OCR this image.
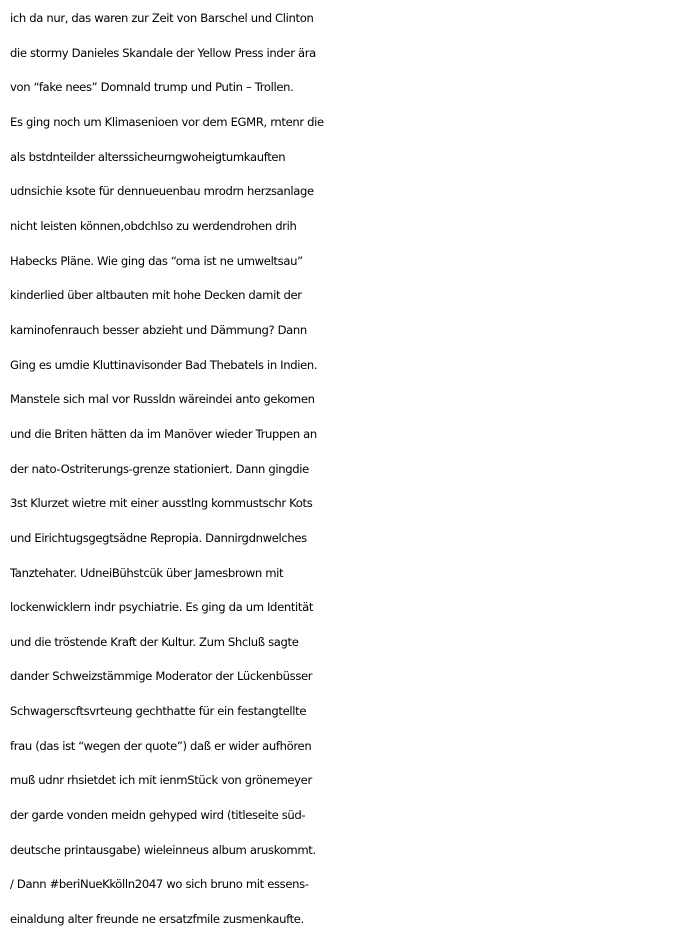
ich da nur, das waren zur Zeit von Barschel und Clinton
die stormy Danieles Skandale der Yellow Press inder ära
von “fake nees” Domnald trump und Putin – Trollen.
Es ging noch um Klimasenioen vor dem EGMR, rntenr die
als bstdnteilder alterssicheurngwoheigtumkauften
udnsichie ksote für dennueuenbau mrodrn herzsanlage
nicht leisten können,obdchlso zu werdendrohen drih
Habecks Pläne. Wie ging das “oma ist ne umweltsau”
kinderlied über altbauten mit hohe Decken damit der
kaminofenrauch besser abzieht und Dämmung? Dann
Ging es umdie Kluttinavisonder Bad Thebatels in Indien.
Manstele sich mal vor Russldn wäreindei anto gekomen
und die Briten hätten da im Manöver wieder Truppen an
der nato-Ostriterungs-grenze stationiert. Dann gingdie
3st Klurzet wietre mit einer ausstlng kommustschr Kots
und Eirichtugsgegtsädne Repropia. Dannirgdnwelches
Tanztehater. UdneiBühstcük über Jamesbrown mit
lockenwicklern indr psychiatrie. Es ging da um Identität
und die tröstende Kraft der Kultur. Zum Shcluß sagte
dander Schweizstämmige Moderator der Lückenbüsser
Schwagerscftsvrteung gechthatte für ein festangtellte
frau (das ist “wegen der quote”) daß er wider aufhören
muß udnr rhsietdet ich mit ienmStück von grönemeyer
der garde vonden meidn gehyped wird (titleseite süd-
deutsche printausgabe) wieleinneus album aruskommt.
/ Dann #beriNueKkölln2047 wo sich bruno mit essens-
einaldung alter freunde ne ersatzfmile zusmenkaufte.
